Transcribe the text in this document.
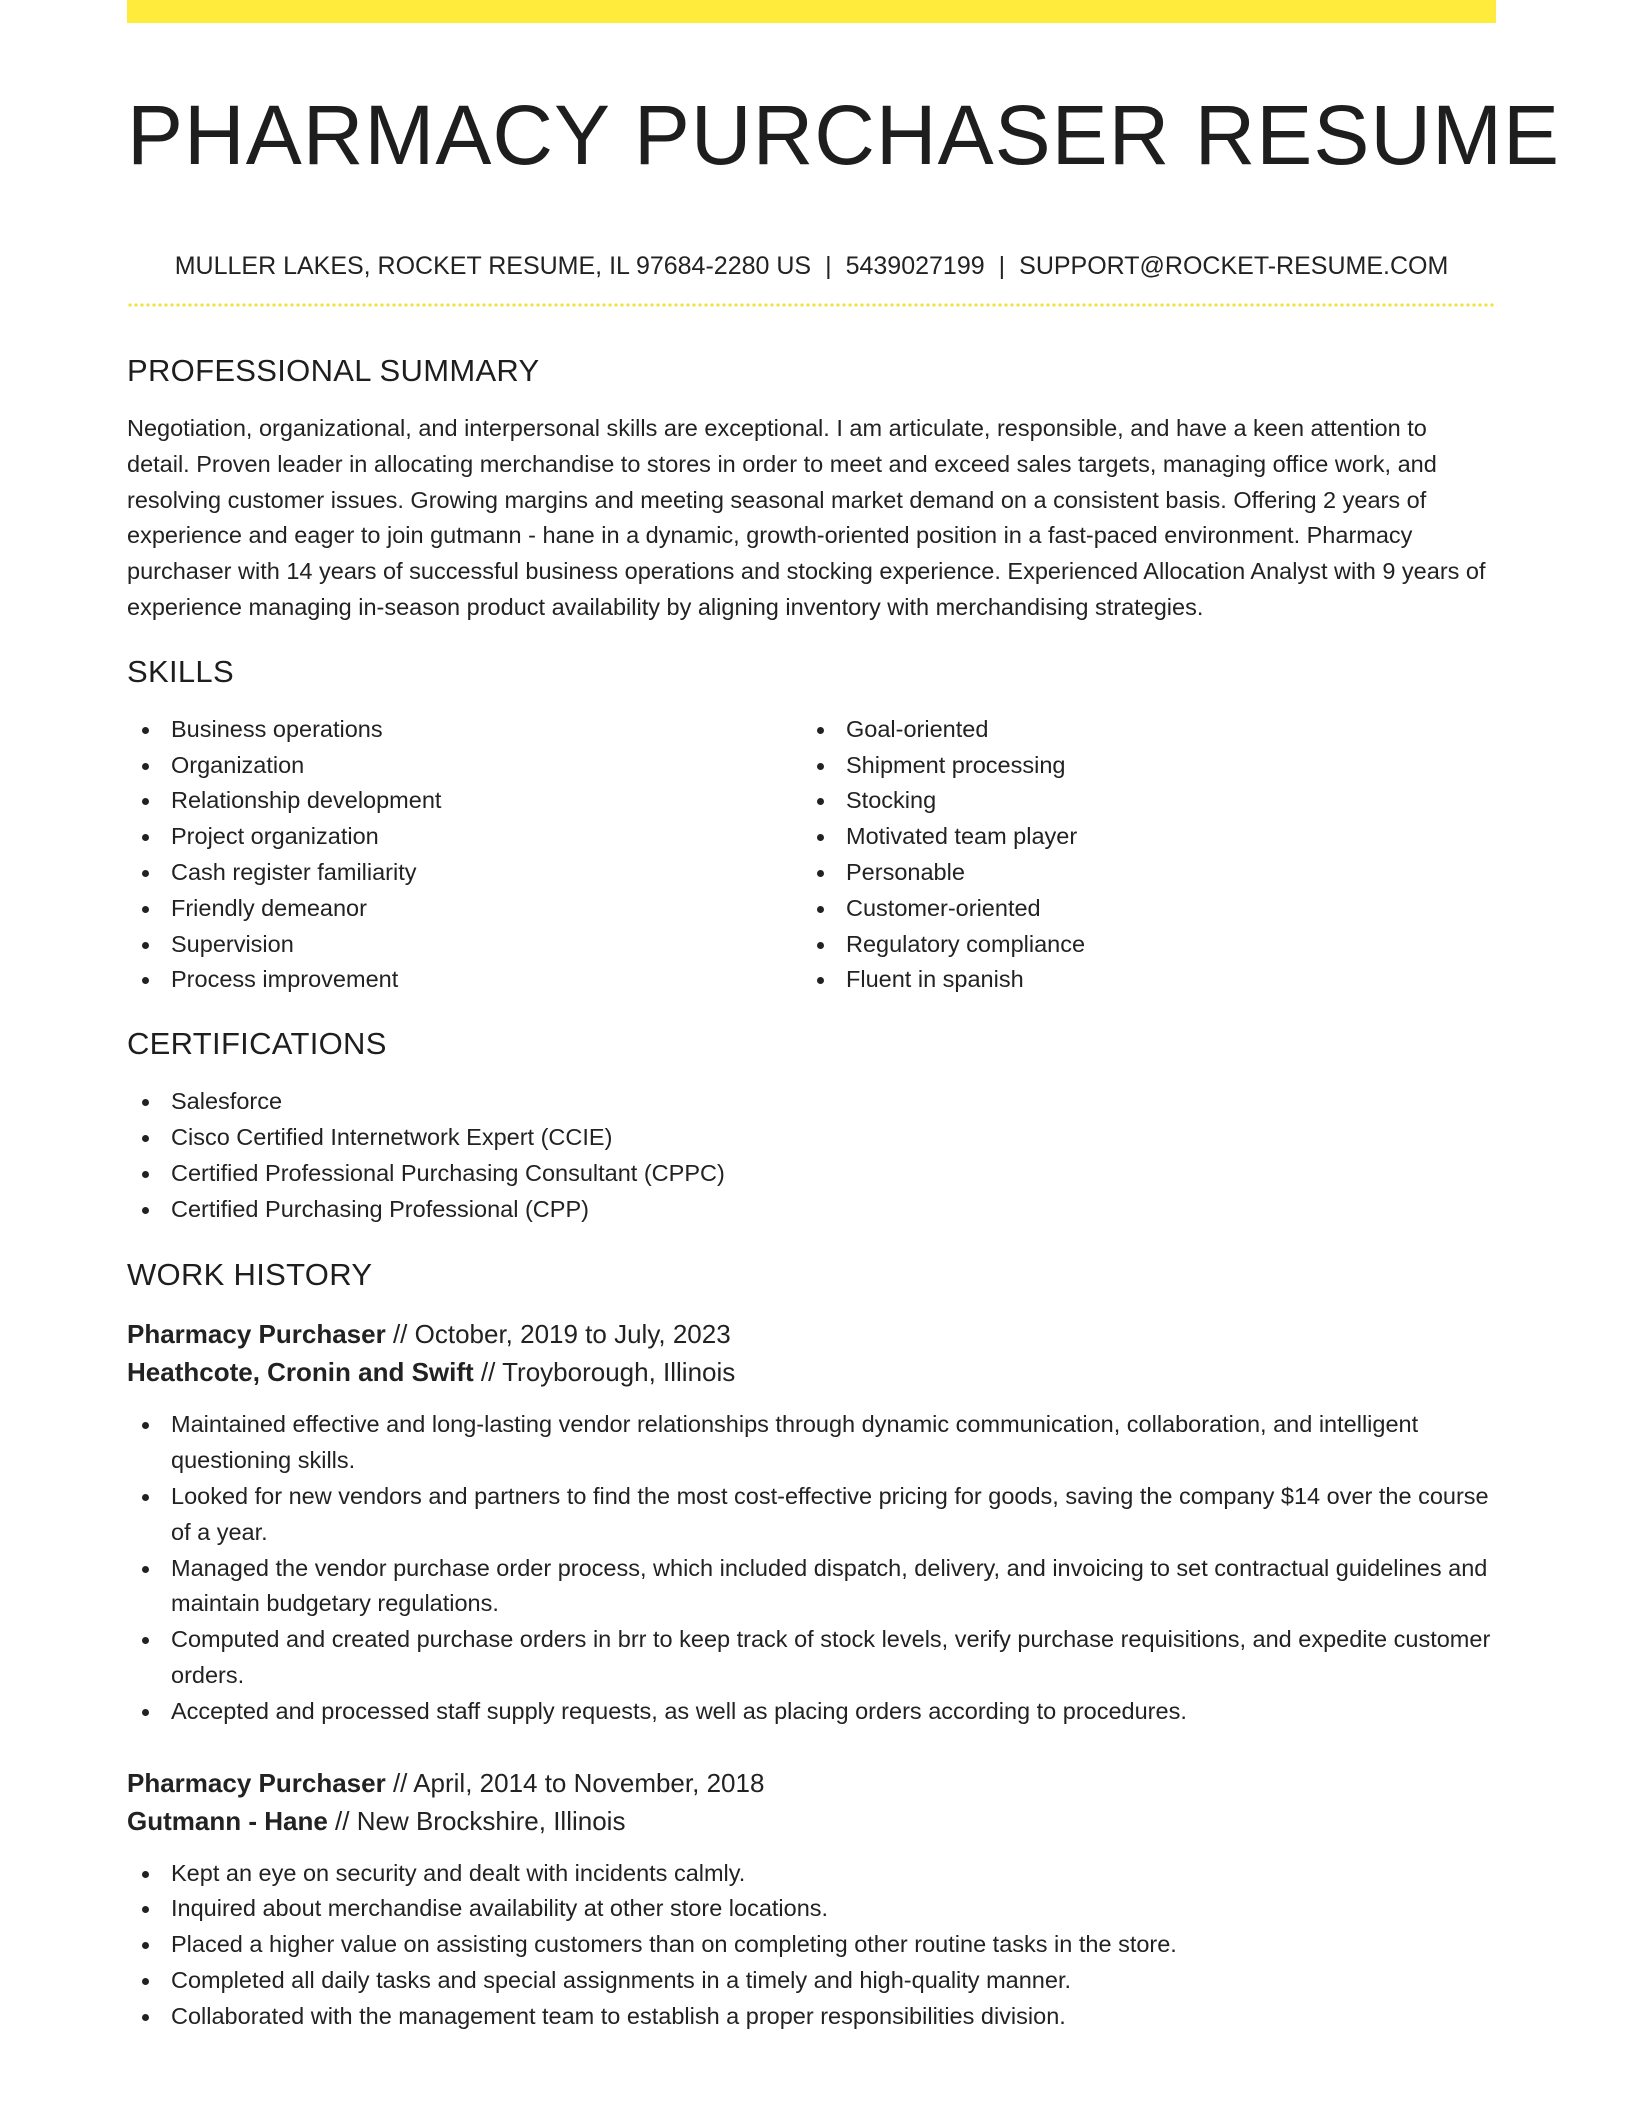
PHARMACY PURCHASER RESUME
MULLER LAKES, ROCKET RESUME, IL 97684-2280 US | 5439027199 | SUPPORT@ROCKET-RESUME.COM
PROFESSIONAL SUMMARY

Negotiation, organizational, and interpersonal skills are exceptional. I am articulate, responsible, and have a keen attention to detail. Proven leader in allocating merchandise to stores in order to meet and exceed sales targets, managing office work, and resolving customer issues. Growing margins and meeting seasonal market demand on a consistent basis. Offering 2 years of experience and eager to join gutmann - hane in a dynamic, growth-oriented position in a fast-paced environment. Pharmacy purchaser with 14 years of successful business operations and stocking experience. Experienced Allocation Analyst with 9 years of experience managing in-season product availability by aligning inventory with merchandising strategies.

SKILLS
Business operations
Organization
Relationship development
Project organization
Cash register familiarity
Friendly demeanor
Supervision
Process improvement
Goal-oriented
Shipment processing
Stocking
Motivated team player
Personable
Customer-oriented
Regulatory compliance
Fluent in spanish
CERTIFICATIONS
Salesforce
Cisco Certified Internetwork Expert (CCIE)
Certified Professional Purchasing Consultant (CPPC)
Certified Purchasing Professional (CPP)
WORK HISTORY
Pharmacy Purchaser // October, 2019 to July, 2023
Heathcote, Cronin and Swift // Troyborough, Illinois
Maintained effective and long-lasting vendor relationships through dynamic communication, collaboration, and intelligent questioning skills.
Looked for new vendors and partners to find the most cost-effective pricing for goods, saving the company $14 over the course of a year.
Managed the vendor purchase order process, which included dispatch, delivery, and invoicing to set contractual guidelines and maintain budgetary regulations.
Computed and created purchase orders in brr to keep track of stock levels, verify purchase requisitions, and expedite customer orders.
Accepted and processed staff supply requests, as well as placing orders according to procedures.
Pharmacy Purchaser // April, 2014 to November, 2018
Gutmann - Hane // New Brockshire, Illinois
Kept an eye on security and dealt with incidents calmly.
Inquired about merchandise availability at other store locations.
Placed a higher value on assisting customers than on completing other routine tasks in the store.
Completed all daily tasks and special assignments in a timely and high-quality manner.
Collaborated with the management team to establish a proper responsibilities division.
